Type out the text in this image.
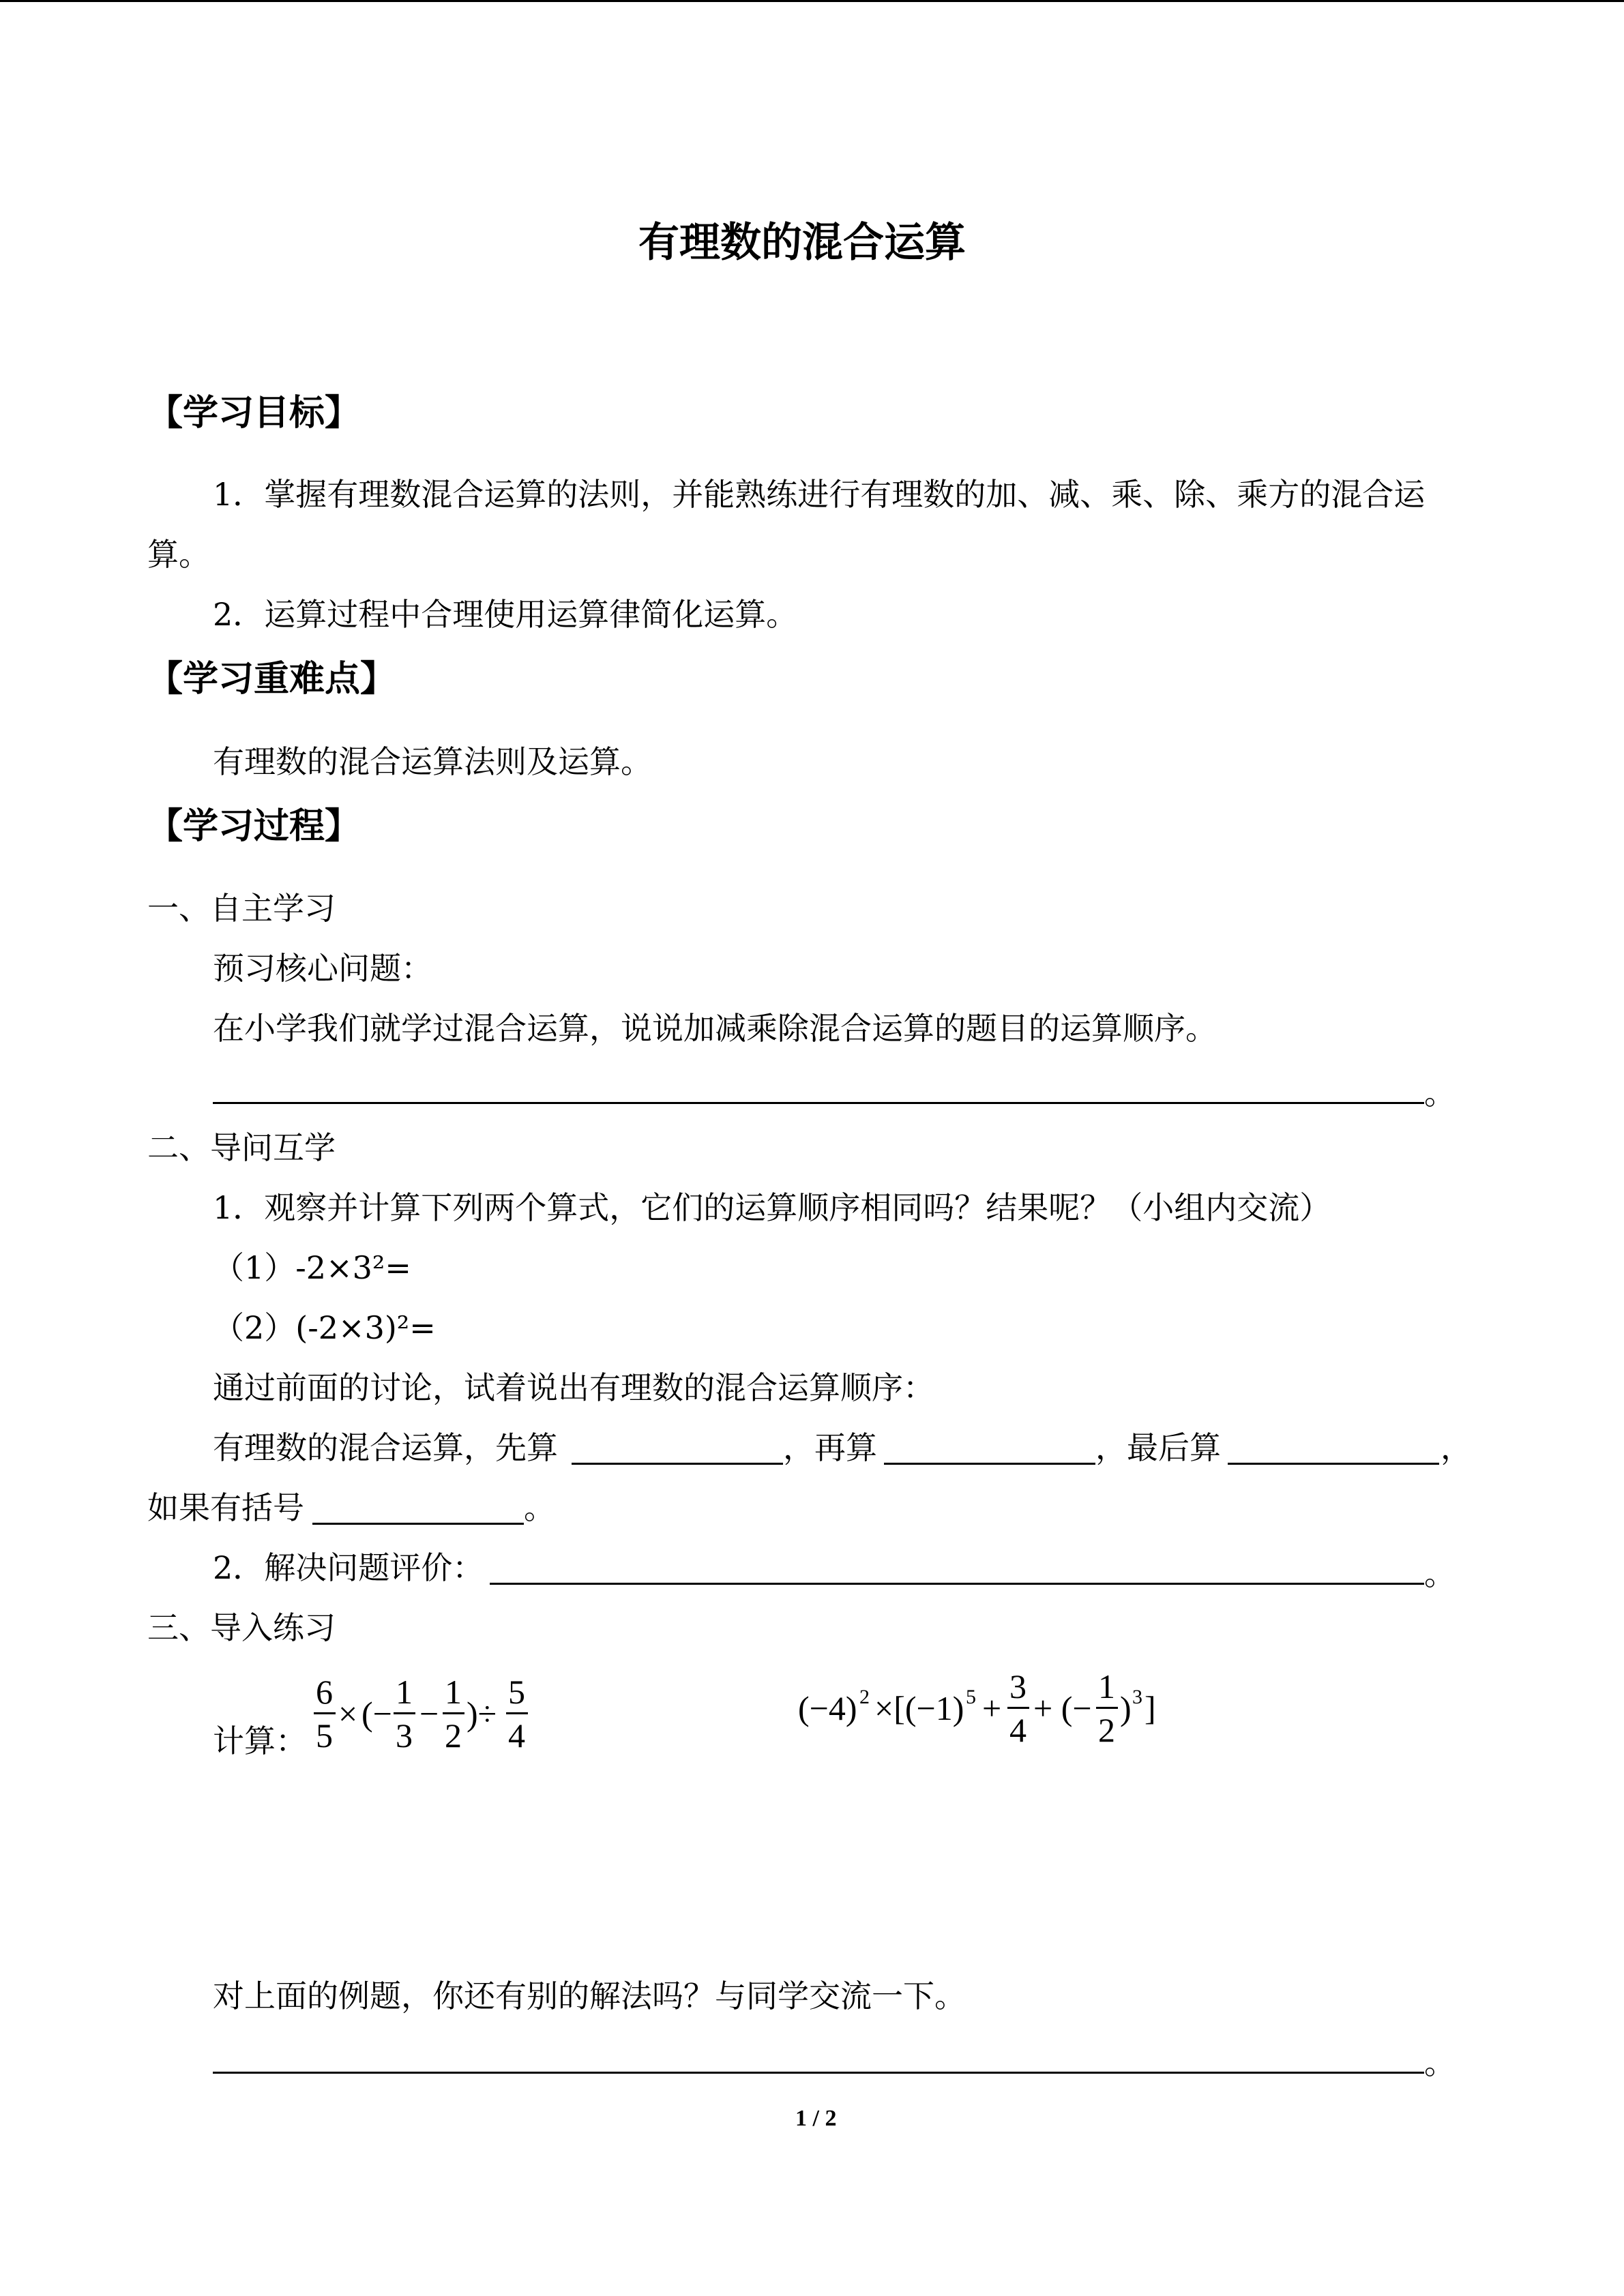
有理数的混合运算
【学习目标】
1．掌握有理数混合运算的法则，并能熟练进行有理数的加、减、乘、除、乘方的混合运
算。
2．运算过程中合理使用运算律简化运算。
【学习重难点】
有理数的混合运算法则及运算。
【学习过程】
一、自主学习
预习核心问题：
在小学我们就学过混合运算，说说加减乘除混合运算的题目的运算顺序。
。
二、导问互学
1．观察并计算下列两个算式，它们的运算顺序相同吗？结果呢？（小组内交流）
（1）-2×3²=
（2）(-2×3)²=
通过前面的讨论，试着说出有理数的混合运算顺序：
有理数的混合运算，先算	，再算	，最后算	，
如果有括号	。
2．解决问题评价：	。
三、导入练习
计算：
6
5
× (−
1
3
−
1
2
)÷
5
4
(−4) 2 ×[(−1) 5 +
3
4
+ (−
1
2
) 3 ]
对上面的例题，你还有别的解法吗？与同学交流一下。
。
1 / 2
